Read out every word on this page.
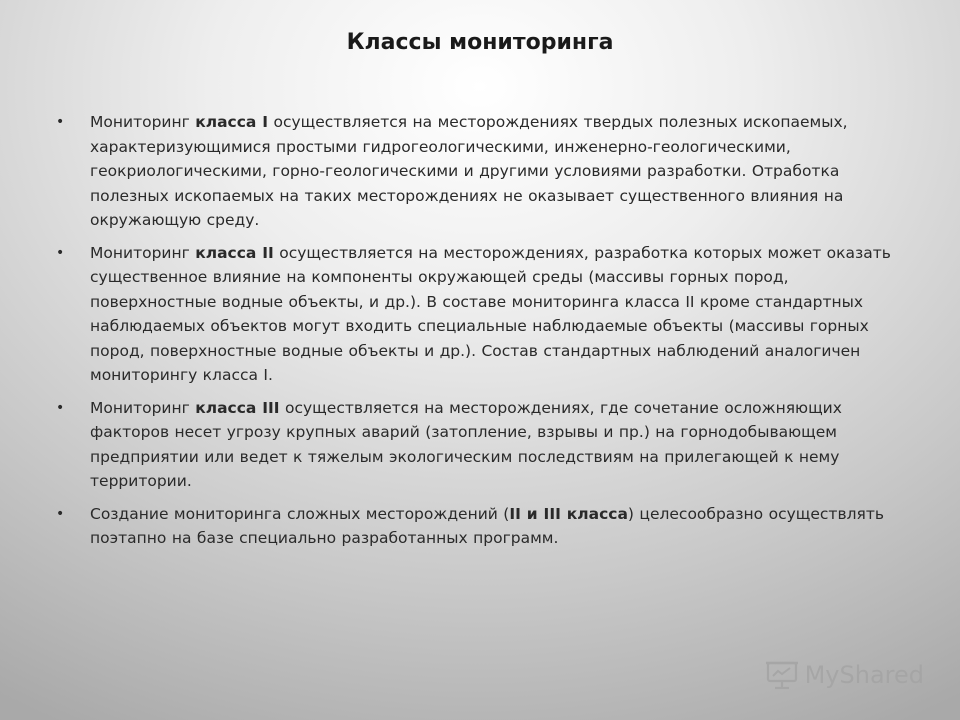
Классы мониторинга
• Мониторинг класса I осуществляется на месторождениях твердых полезных ископаемых, характеризующимися простыми гидрогеологическими, инженерно-геологическими, геокриологическими, горно-геологическими и другими условиями разработки. Отработка полезных ископаемых на таких месторождениях не оказывает существенного влияния на окружающую среду.
• Мониторинг класса II осуществляется на месторождениях, разработка которых может оказать существенное влияние на компоненты окружающей среды (массивы горных пород, поверхностные водные объекты, и др.). В составе мониторинга класса II кроме стандартных наблюдаемых объектов могут входить специальные наблюдаемые объекты (массивы горных пород, поверхностные водные объекты и др.). Состав стандартных наблюдений аналогичен мониторингу класса I.
• Мониторинг класса III осуществляется на месторождениях, где сочетание осложняющих факторов несет угрозу крупных аварий (затопление, взрывы и пр.) на горнодобывающем предприятии или ведет к тяжелым экологическим последствиям на прилегающей к нему территории.
• Создание мониторинга сложных месторождений (II и III класса) целесообразно осуществлять поэтапно на базе специально разработанных программ.
MyShared
